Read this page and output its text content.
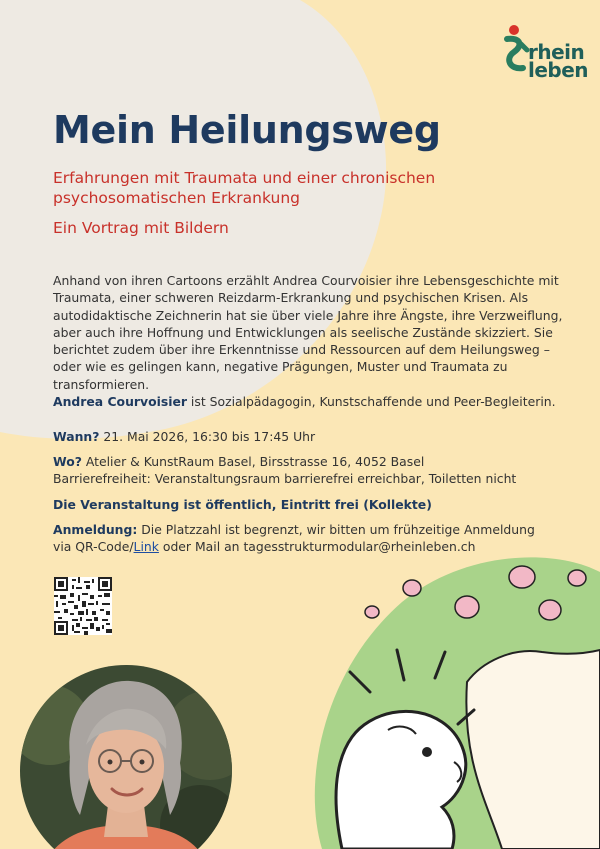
rhein
leben
Mein Heilungsweg

Erfahrungen mit Traumata und einer chronischen psychosomatischen Erkrankung

Ein Vortrag mit Bildern

Anhand von ihren Cartoons erzählt Andrea Courvoisier ihre Lebensgeschichte mit Traumata, einer schweren Reizdarm-Erkrankung und psychischen Krisen. Als autodidaktische Zeichnerin hat sie über viele Jahre ihre Ängste, ihre Verzweiflung, aber auch ihre Hoffnung und Entwicklungen als seelische Zustände skizziert. Sie berichtet zudem über ihre Erkenntnisse und Ressourcen auf dem Heilungsweg – oder wie es gelingen kann, negative Prägungen, Muster und Traumata zu transformieren.
Andrea Courvoisier ist Sozialpädagogin, Kunstschaffende und Peer-Begleiterin.

Wann? 21. Mai 2026, 16:30 bis 17:45 Uhr

Wo? Atelier & KunstRaum Basel, Birsstrasse 16, 4052 Basel
Barrierefreiheit: Veranstaltungsraum barrierefrei erreichbar, Toiletten nicht

Die Veranstaltung ist öffentlich, Eintritt frei (Kollekte)

Anmeldung: Die Platzzahl ist begrenzt, wir bitten um frühzeitige Anmeldung
via QR-Code/Link oder Mail an tagesstrukturmodular@rheinleben.ch
